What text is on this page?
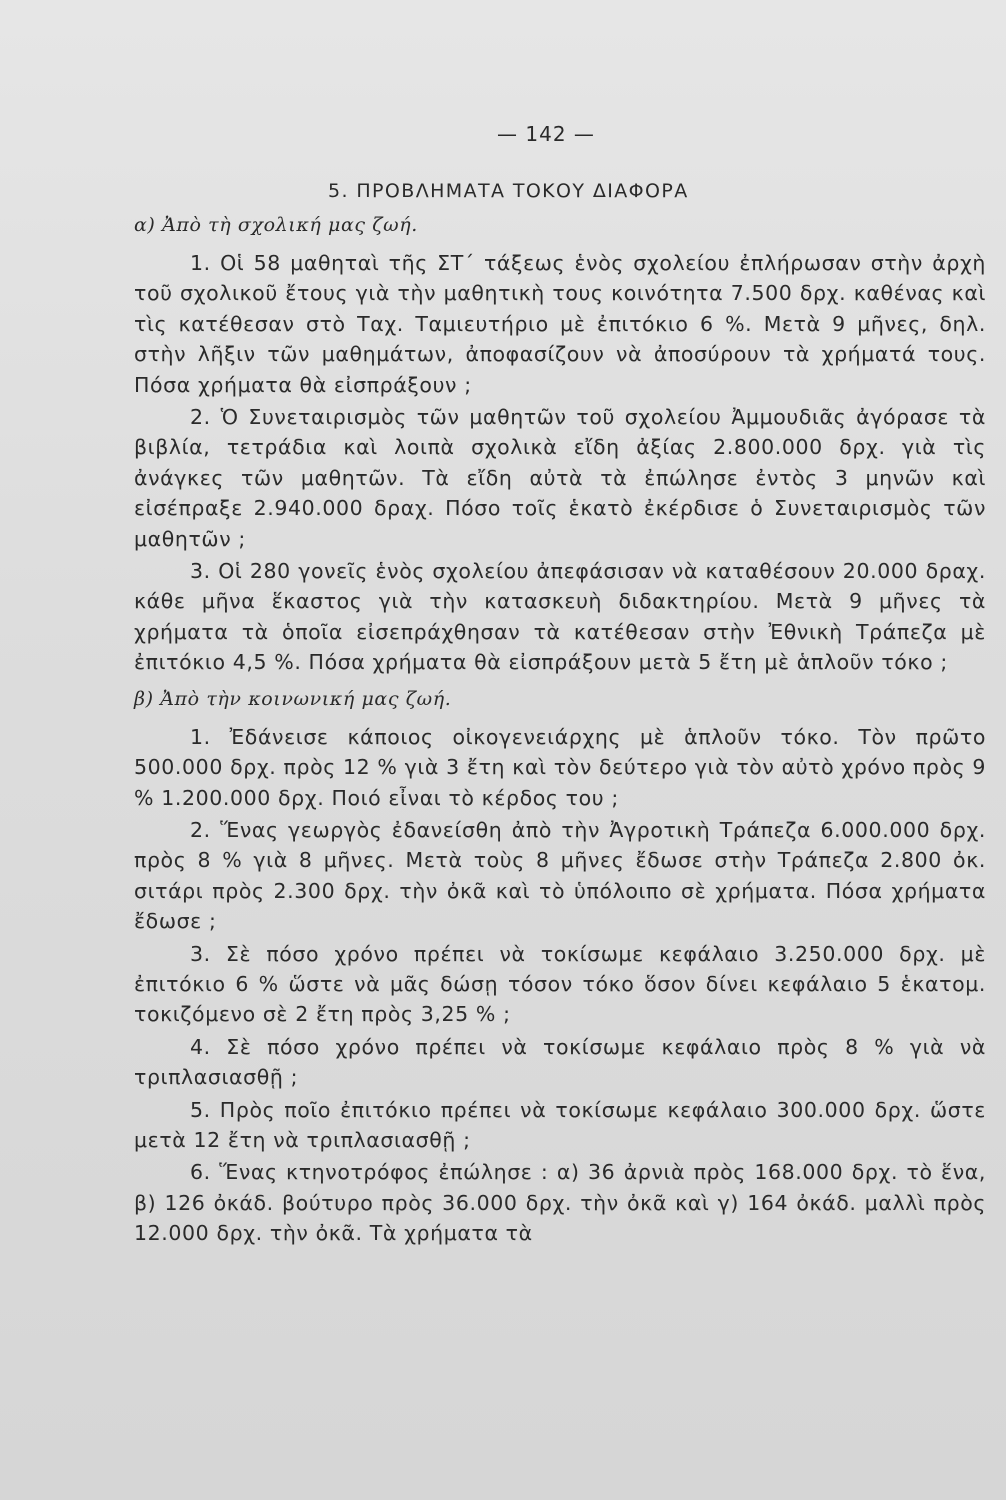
— 142 —
5. ΠΡΟΒΛΗΜΑΤΑ ΤΟΚΟΥ ΔΙΑΦΟΡΑ
α) Ἀπὸ τὴ σχολική μας ζωή.

1. Οἱ 58 μαθηταὶ τῆς ΣΤ΄ τάξεως ἑνὸς σχολείου ἐπλήρωσαν στὴν ἀρχὴ τοῦ σχολικοῦ ἔτους γιὰ τὴν μαθητικὴ τους κοινότητα 7.500 δρχ. καθένας καὶ τὶς κατέθεσαν στὸ Ταχ. Ταμιευτήριο μὲ ἐπιτόκιο 6 %. Μετὰ 9 μῆνες, δηλ. στὴν λῆξιν τῶν μαθημάτων, ἀποφασίζουν νὰ ἀποσύρουν τὰ χρήματά τους. Πόσα χρήματα θὰ εἰσπράξουν ;

2. Ὁ Συνεταιρισμὸς τῶν μαθητῶν τοῦ σχολείου Ἀμμουδιᾶς ἀγόρασε τὰ βιβλία, τετράδια καὶ λοιπὰ σχολικὰ εἴδη ἀξίας 2.800.000 δρχ. γιὰ τὶς ἀνάγκες τῶν μαθητῶν. Τὰ εἴδη αὐτὰ τὰ ἐπώλησε ἐντὸς 3 μηνῶν καὶ εἰσέπραξε 2.940.000 δραχ. Πόσο τοῖς ἑκατὸ ἐκέρδισε ὁ Συνεταιρισμὸς τῶν μαθητῶν ;

3. Οἱ 280 γονεῖς ἑνὸς σχολείου ἀπεφάσισαν νὰ καταθέσουν 20.000 δραχ. κάθε μῆνα ἕκαστος γιὰ τὴν κατασκευὴ διδακτηρίου. Μετὰ 9 μῆνες τὰ χρήματα τὰ ὁποῖα εἰσεπράχθησαν τὰ κατέθεσαν στὴν Ἐθνικὴ Τράπεζα μὲ ἐπιτόκιο 4,5 %. Πόσα χρήματα θὰ εἰσπράξουν μετὰ 5 ἔτη μὲ ἁπλοῦν τόκο ;

β) Ἀπὸ τὴν κοινωνική μας ζωή.

1. Ἐδάνεισε κάποιος οἰκογενειάρχης μὲ ἁπλοῦν τόκο. Τὸν πρῶτο 500.000 δρχ. πρὸς 12 % γιὰ 3 ἔτη καὶ τὸν δεύτερο γιὰ τὸν αὐτὸ χρόνο πρὸς 9 % 1.200.000 δρχ. Ποιό εἶναι τὸ κέρδος του ;

2. Ἕνας γεωργὸς ἐδανείσθη ἀπὸ τὴν Ἀγροτικὴ Τράπεζα 6.000.000 δρχ. πρὸς 8 % γιὰ 8 μῆνες. Μετὰ τοὺς 8 μῆνες ἔδωσε στὴν Τράπεζα 2.800 ὀκ. σιτάρι πρὸς 2.300 δρχ. τὴν ὀκᾶ καὶ τὸ ὑπόλοιπο σὲ χρήματα. Πόσα χρήματα ἔδωσε ;

3. Σὲ πόσο χρόνο πρέπει νὰ τοκίσωμε κεφάλαιο 3.250.000 δρχ. μὲ ἐπιτόκιο 6 % ὥστε νὰ μᾶς δώσῃ τόσον τόκο ὅσον δίνει κεφάλαιο 5 ἑκατομ. τοκιζόμενο σὲ 2 ἔτη πρὸς 3,25 % ;

4. Σὲ πόσο χρόνο πρέπει νὰ τοκίσωμε κεφάλαιο πρὸς 8 % γιὰ νὰ τριπλασιασθῇ ;

5. Πρὸς ποῖο ἐπιτόκιο πρέπει νὰ τοκίσωμε κεφάλαιο 300.000 δρχ. ὥστε μετὰ 12 ἔτη νὰ τριπλασιασθῇ ;

6. Ἕνας κτηνοτρόφος ἐπώλησε : α) 36 ἀρνιὰ πρὸς 168.000 δρχ. τὸ ἕνα, β) 126 ὀκάδ. βούτυρο πρὸς 36.000 δρχ. τὴν ὀκᾶ καὶ γ) 164 ὀκάδ. μαλλὶ πρὸς 12.000 δρχ. τὴν ὀκᾶ. Τὰ χρήματα τὰ
